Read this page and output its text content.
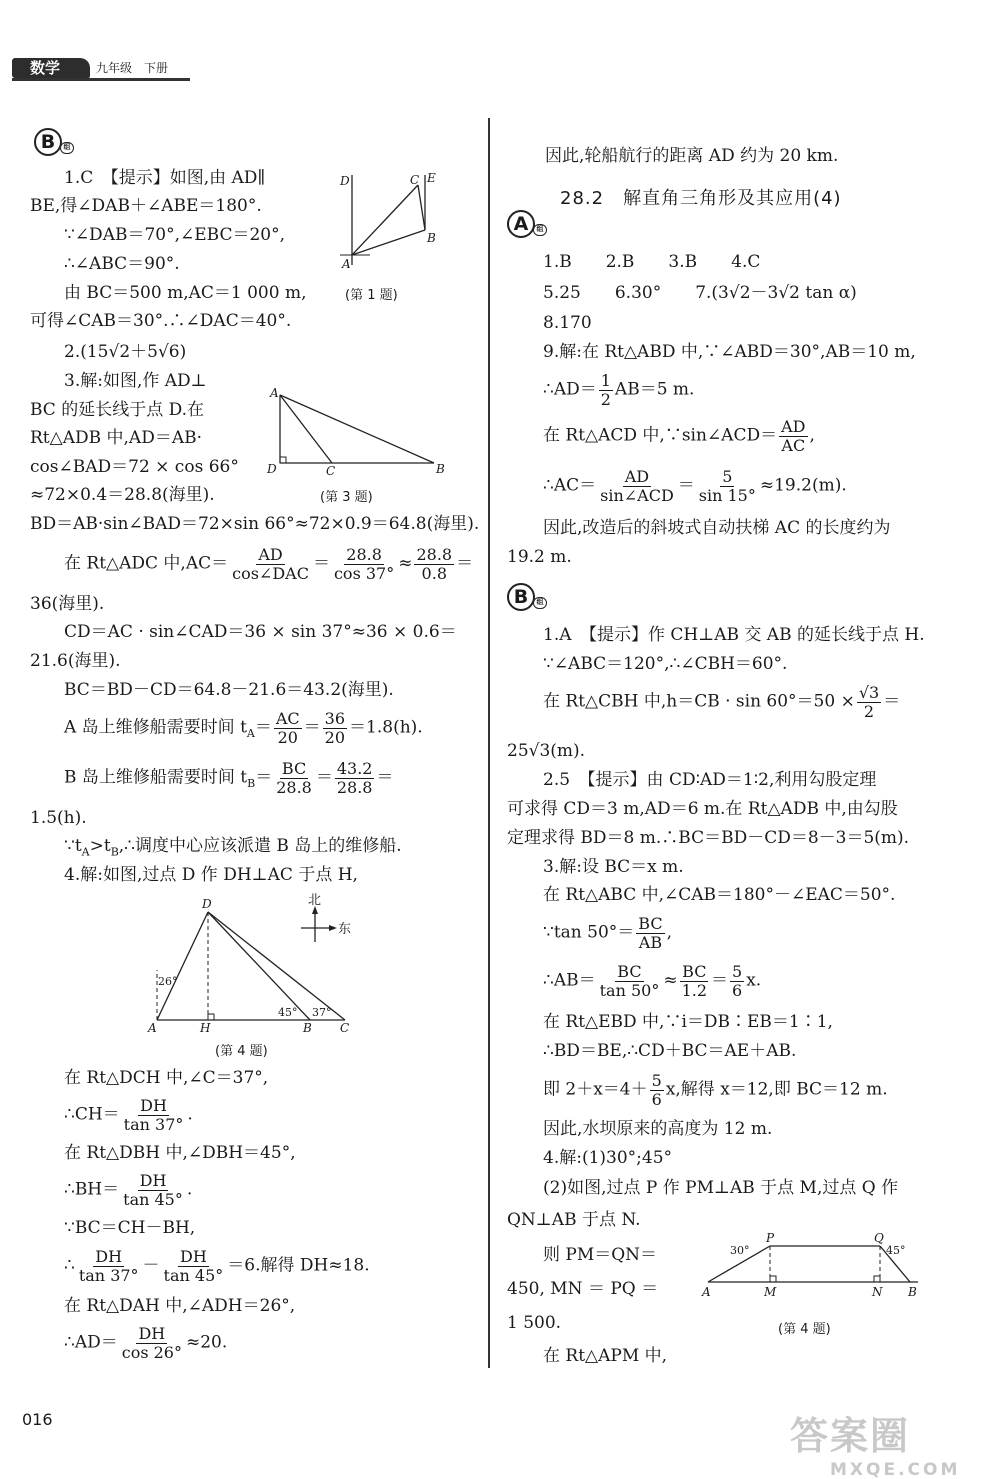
数学	九年级　下册
B	组
1.C　【提示】如图,由 AD∥
BE,得∠DAB＋∠ABE＝180°.
∵∠DAB＝70°,∠EBC＝20°,
∴∠ABC＝90°.
由 BC＝500 m,AC＝1 000 m,
可得∠CAB＝30°.∴∠DAC＝40°.
D	C E
B
A
(第 1 题)
2.(15√2＋5√6)
3.解:如图,作 AD⊥
BC 的延长线于点 D.在
Rt△ADB 中,AD＝AB·
cos∠BAD＝72 × cos 66°
≈72×0.4＝28.8(海里).
A
D	C	B
(第 3 题)
BD＝AB·sin∠BAD＝72×sin 66°≈72×0.9＝64.8(海里).
在 Rt△ADC 中,AC＝ AD
cos∠DAC ＝ $\frac{28.8}{\cos 37^\circ} \approx \frac{28.8}{0.8}$ ＝
36(海里).
CD＝AC · sin∠CAD＝36 × sin 37°≈36 × 0.6＝
21.6(海里).
BC＝BD－CD＝64.8－21.6＝43.2(海里).
A 岛上维修船需要时间 $t_A= \frac{AC}{20} = \frac{36}{20} =1.8(h)$.
B 岛上维修船需要时间 $t_B= \frac{BC}{28.8} = \frac{43.2}{28.8}$ ＝
1.5(h).
$\because t_A>t_B,\therefore$调度中心应该派遣 B 岛上的维修船.
4.解:如图,过点 D 作 DH⊥AC 于点 H,
D
A	H	B C
26°
45° 37°
北
东
(第 4 题)
在 Rt△DCH 中,∠C＝37°,
∴CH＝ $\frac{DH}{\tan 37^\circ}$ .
在 Rt△DBH 中,∠DBH＝45°,
∴BH＝ $\frac{DH}{\tan 45^\circ}$ .
∵BC＝CH－BH,
∴ $\frac{DH}{\tan 37^\circ} - \frac{DH}{\tan 45^\circ} =6$.解得 DH≈18.
在 Rt△DAH 中,∠ADH＝26°,
∴AD＝ $\frac{DH}{\cos 26^\circ} \approx 20$.
因此,轮船航行的距离 AD 约为 20 km.
28.2　解直角三角形及其应用(4)
A	组
1.B　　2.B　　3.B　　4.C
5.25　　6.30°　　7.(3√2－3√2 tan α)
8.170
9.解:在 Rt△ABD 中,∵∠ABD＝30°,AB＝10 m,
∴AD＝ $\frac{1}{2} AB=5$ m.
在 Rt△ACD 中,∵sin∠ACD＝ $\frac{AD}{AC}$ ,
∴AC＝ AD
sin∠ACD ＝ $\frac{5}{\sin 15^\circ} \approx 19.2(m)$.
因此,改造后的斜坡式自动扶梯 AC 的长度约为
19.2 m.
B	组
1.A　【提示】作 CH⊥AB 交 AB 的延长线于点 H.
∵∠ABC＝120°,∴∠CBH＝60°.
在 Rt△CBH 中$,h=CB \cdot \sin 60^\circ=50 \times \frac{√3}{2}$ ＝
25√3(m).
2.5　【提示】由 CD∶AD＝1∶2,利用勾股定理
可求得 CD＝3 m,AD＝6 m.在 Rt△ADB 中,由勾股
定理求得 BD＝8 m.∴BC＝BD－CD＝8－3＝5(m).
3.解:设 BC＝x m.
在 Rt△ABC 中,∠CAB＝180°－∠EAC＝50°.
∵tan $50^\circ= \frac{BC}{AB}$ ,
∴AB＝ $\frac{BC}{\tan 50^\circ} \approx \frac{BC}{1.2} = \frac{5}{6} x$.
在 Rt△EBD 中,∵i＝DB∶EB＝1∶1,
∴BD＝BE,∴CD＋BC＝AE＋AB.
即 $2+x=4+ \frac{5}{6} x$,解得 x＝12,即 BC＝12 m.
因此,水坝原来的高度为 12 m.
4.解:(1)30°;45°
(2)如图,过点 P 作 PM⊥AB 于点 M,过点 Q 作
QN⊥AB 于点 N.
则 PM＝QN＝
450, MN ＝ PQ ＝
1 500.
P	Q
30°	45°
A	M	N B
(第 4 题)
在 Rt△APM 中,
016	答案圈
MXQE.COM
